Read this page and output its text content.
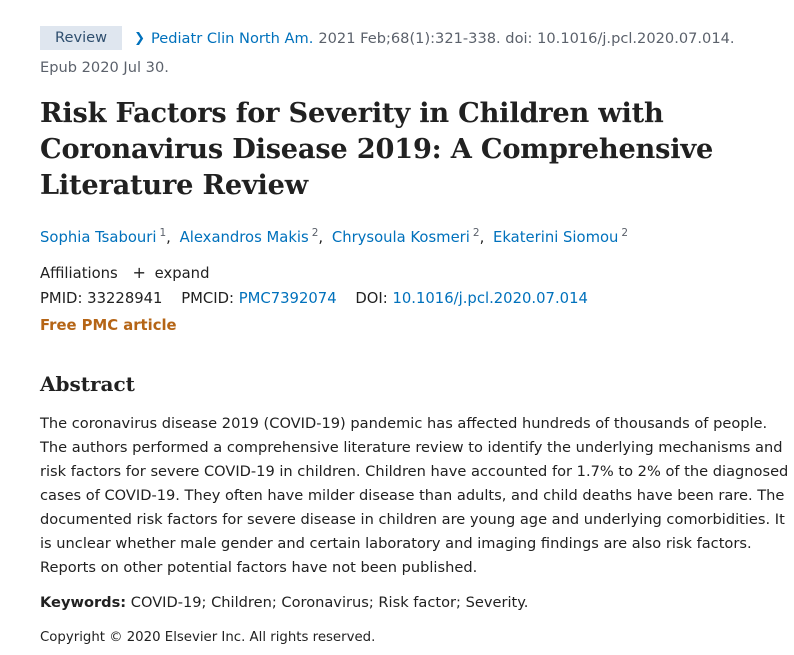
Review	❯ Pediatr Clin North Am. 2021 Feb;68(1):321-338. doi: 10.1016/j.pcl.2020.07.014.
Epub 2020 Jul 30.
Risk Factors for Severity in Children with
Coronavirus Disease 2019: A Comprehensive
Literature Review
Sophia Tsabouri $^1$, Alexandros Makis $^2$, Chrysoula Kosmeri $^2$, Ekaterini Siomou $^2$
Affiliations + expand
PMID: 33228941 PMCID: PMC7392074 DOI: 10.1016/j.pcl.2020.07.014
Free PMC article
Abstract
The coronavirus disease 2019 (COVID-19) pandemic has affected hundreds of thousands of people.
The authors performed a comprehensive literature review to identify the underlying mechanisms and
risk factors for severe COVID-19 in children. Children have accounted for 1.7% to 2% of the diagnosed
cases of COVID-19. They often have milder disease than adults, and child deaths have been rare. The
documented risk factors for severe disease in children are young age and underlying comorbidities. It
is unclear whether male gender and certain laboratory and imaging findings are also risk factors.
Reports on other potential factors have not been published.
Keywords: COVID-19; Children; Coronavirus; Risk factor; Severity.
Copyright © 2020 Elsevier Inc. All rights reserved.
